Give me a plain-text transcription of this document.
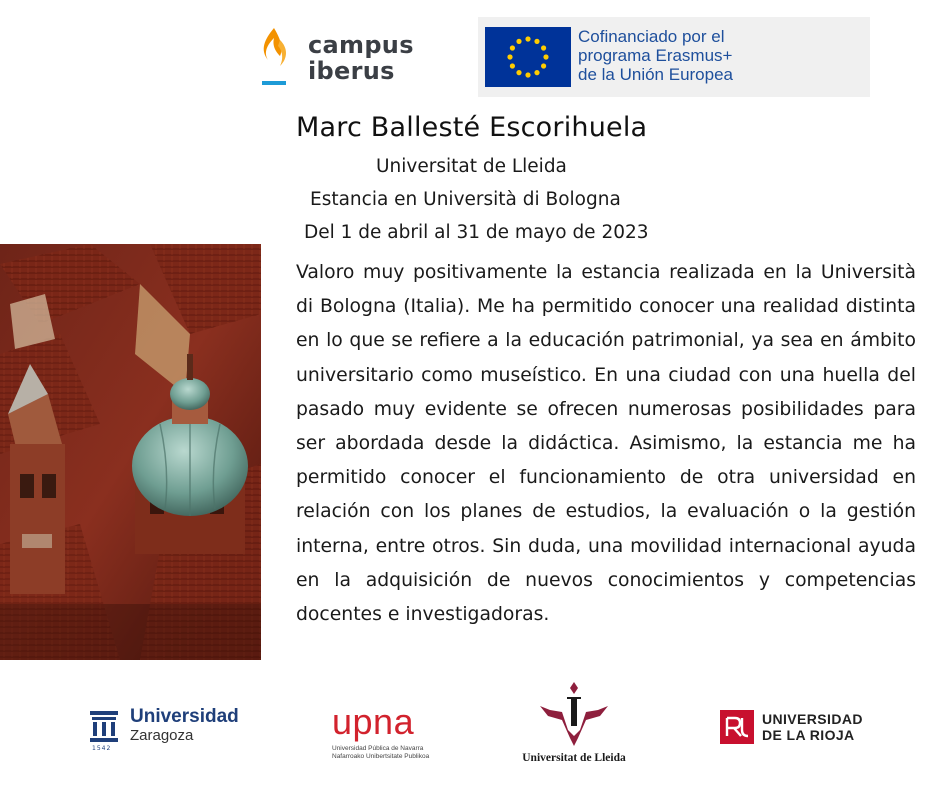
campus
iberus
Cofinanciado por el
programa Erasmus+
de la Unión Europea
Marc Ballesté Escorihuela
Universitat de Lleida
Estancia en Università di Bologna
Del 1 de abril al 31 de mayo de 2023

Valoro muy positivamente la estancia realizada en la Università di Bologna (Italia). Me ha permitido conocer una realidad distinta en lo que se refiere a la educación patrimonial, ya sea en ámbito universitario como museístico. En una ciudad con una huella del pasado muy evidente se ofrecen numerosas posibilidades para ser abordada desde la didáctica. Asimismo, la estancia me ha permitido conocer el funcionamiento de otra universidad en relación con los planes de estudios, la evaluación o la gestión interna, entre otros. Sin duda, una movilidad internacional ayuda en la adquisición de nuevos conocimientos y competencias docentes e investigadoras.

1542
Universidad
Zaragoza	upna
Universidad Pública de Navarra
Nafarroako Unibertsitate Publikoa	Universitat de Lleida
UNIVERSIDAD
DE LA RIOJA
